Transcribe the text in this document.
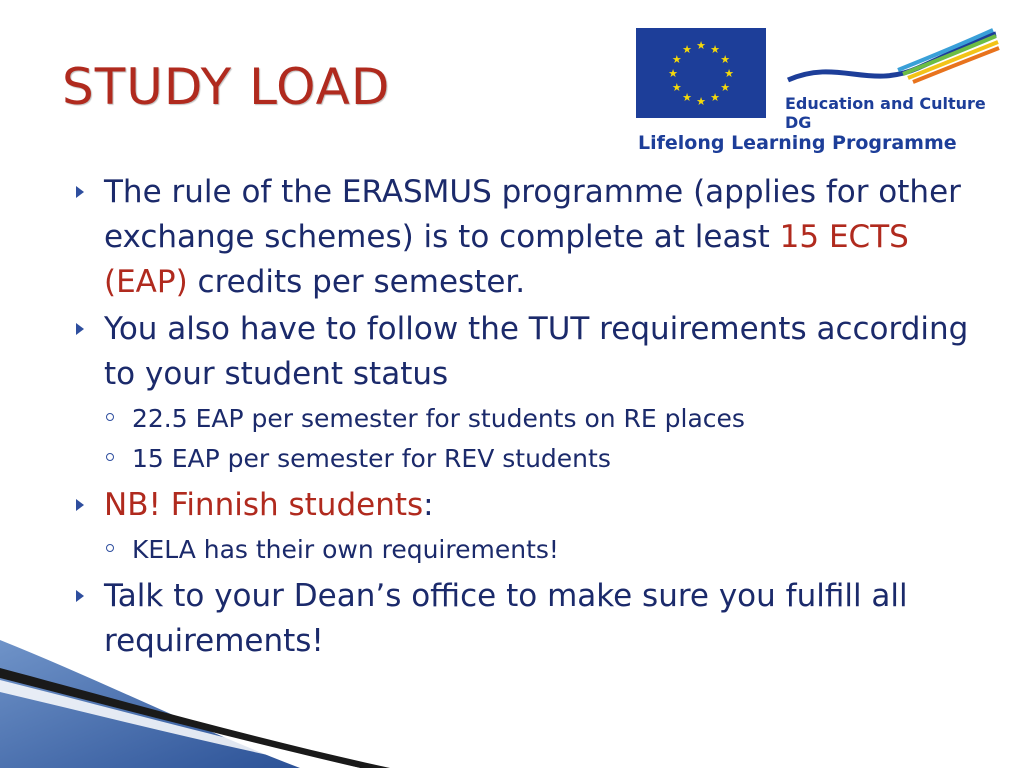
STUDY LOAD
★ ★
★
★
★
★
★
★
★
★
★
★
Education and Culture DG
Lifelong Learning Programme
The rule of the ERASMUS programme (applies for other exchange schemes) is to complete at least 15 ECTS (EAP) credits per semester.
You also have to follow the TUT requirements according to your student status
22.5 EAP per semester for students on RE places
15 EAP per semester for REV students
NB! Finnish students:
KELA has their own requirements!
Talk to your Dean’s office to make sure you fulfill all requirements!
